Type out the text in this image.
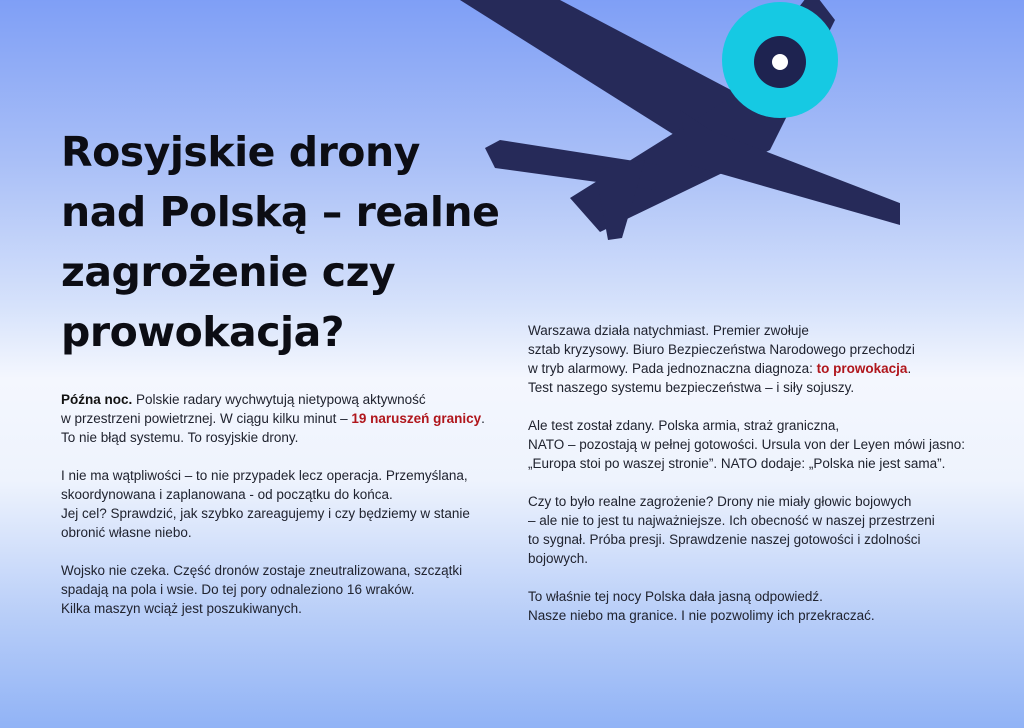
Rosyjskie drony
nad Polską – realne
zagrożenie czy
prowokacja?

Późna noc. Polskie radary wychwytują nietypową aktywność
w przestrzeni powietrznej. W ciągu kilku minut – 19 naruszeń granicy.
To nie błąd systemu. To rosyjskie drony.

I nie ma wątpliwości – to nie przypadek lecz operacja. Przemyślana,
skoordynowana i zaplanowana - od początku do końca.
Jej cel? Sprawdzić, jak szybko zareagujemy i czy będziemy w stanie
obronić własne niebo.

Wojsko nie czeka. Część dronów zostaje zneutralizowana, szczątki
spadają na pola i wsie. Do tej pory odnaleziono 16 wraków.
Kilka maszyn wciąż jest poszukiwanych.

Warszawa działa natychmiast. Premier zwołuje
sztab kryzysowy. Biuro Bezpieczeństwa Narodowego przechodzi
w tryb alarmowy. Pada jednoznaczna diagnoza: to prowokacja.
Test naszego systemu bezpieczeństwa – i siły sojuszy.

Ale test został zdany. Polska armia, straż graniczna,
NATO – pozostają w pełnej gotowości. Ursula von der Leyen mówi jasno:
„Europa stoi po waszej stronie”. NATO dodaje: „Polska nie jest sama”.

Czy to było realne zagrożenie? Drony nie miały głowic bojowych
– ale nie to jest tu najważniejsze. Ich obecność w naszej przestrzeni
to sygnał. Próba presji. Sprawdzenie naszej gotowości i zdolności
bojowych.

To właśnie tej nocy Polska dała jasną odpowiedź.
Nasze niebo ma granice. I nie pozwolimy ich przekraczać.
